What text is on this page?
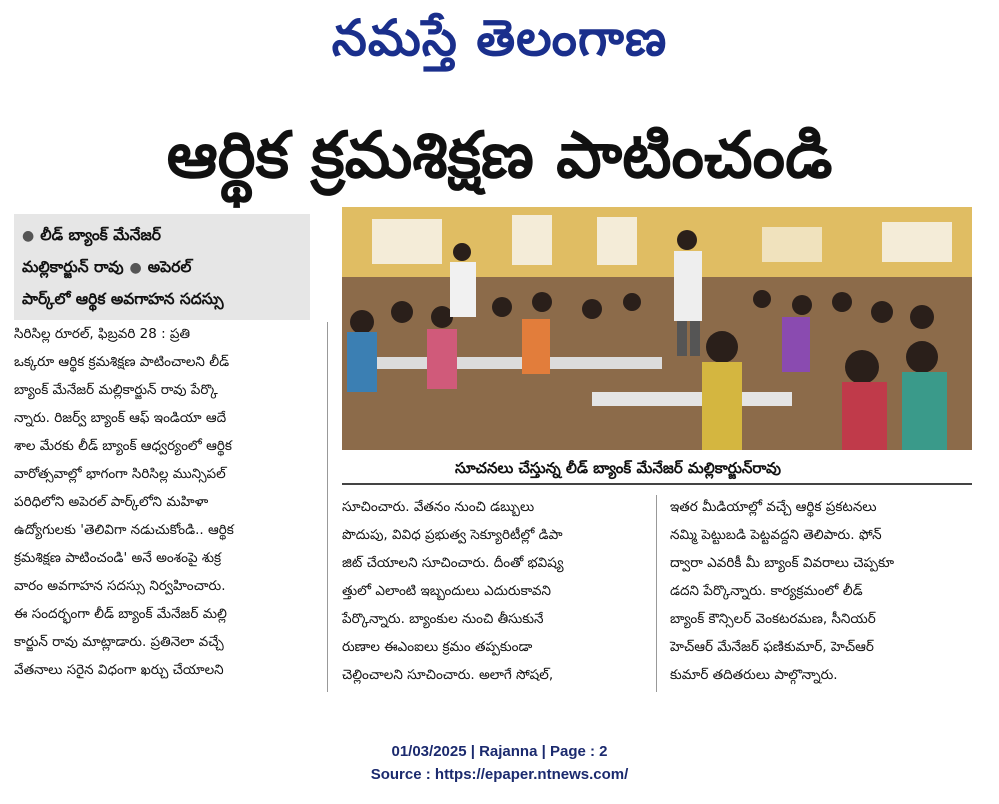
నమస్తే తెలంగాణ
ఆర్థిక క్రమశిక్షణ పాటించండి
● లీడ్ బ్యాంక్ మేనేజర్
మల్లికార్జున్ రావు ● అపెరల్
పార్క్‌లో ఆర్థిక అవగాహన సదస్సు
సూచనలు చేస్తున్న లీడ్ బ్యాంక్ మేనేజర్ మల్లికార్జున్‌రావు
సిరిసిల్ల రూరల్, ఫిబ్రవరి 28 : ప్రతి
ఒక్కరూ ఆర్థిక క్రమశిక్షణ పాటించాలని లీడ్
బ్యాంక్ మేనేజర్ మల్లికార్జున్ రావు పేర్కొ
న్నారు. రిజర్వ్ బ్యాంక్ ఆఫ్ ఇండియా ఆదే
శాల మేరకు లీడ్ బ్యాంక్ ఆధ్వర్యంలో ఆర్థిక
వారోత్సవాల్లో భాగంగా సిరిసిల్ల మున్సిపల్
పరిధిలోని అపెరల్ పార్క్‌లోని మహిళా
ఉద్యోగులకు 'తెలివిగా నడుచుకోండి.. ఆర్థిక
క్రమశిక్షణ పాటించండి' అనే అంశంపై శుక్ర
వారం అవగాహన సదస్సు నిర్వహించారు.
ఈ సందర్భంగా లీడ్ బ్యాంక్ మేనేజర్ మల్లి
కార్జున్ రావు మాట్లాడారు. ప్రతినెలా వచ్చే
వేతనాలు సరైన విధంగా ఖర్చు చేయాలని
సూచించారు. వేతనం నుంచి డబ్బులు
పొదుపు, వివిధ ప్రభుత్వ సెక్యూరిటీల్లో డిపా
జిట్ చేయాలని సూచించారు. దీంతో భవిష్య
త్తులో ఎలాంటి ఇబ్బందులు ఎదురుకావని
పేర్కొన్నారు. బ్యాంకుల నుంచి తీసుకునే
రుణాల ఈఎంఐలు క్రమం తప్పకుండా
చెల్లించాలని సూచించారు. అలాగే సోషల్,
ఇతర మీడియాల్లో వచ్చే ఆర్థిక ప్రకటనలు
నమ్మి పెట్టుబడి పెట్టవద్దని తెలిపారు. ఫోన్
ద్వారా ఎవరికీ మీ బ్యాంక్ వివరాలు చెప్పకూ
డదని పేర్కొన్నారు. కార్యక్రమంలో లీడ్
బ్యాంక్ కౌన్సిలర్ వెంకటరమణ, సీనియర్
హెచ్ఆర్ మేనేజర్ ఫణికుమార్, హెచ్ఆర్
కుమార్ తదితరులు పాల్గొన్నారు.
01/03/2025 | Rajanna | Page : 2
Source : https://epaper.ntnews.com/
